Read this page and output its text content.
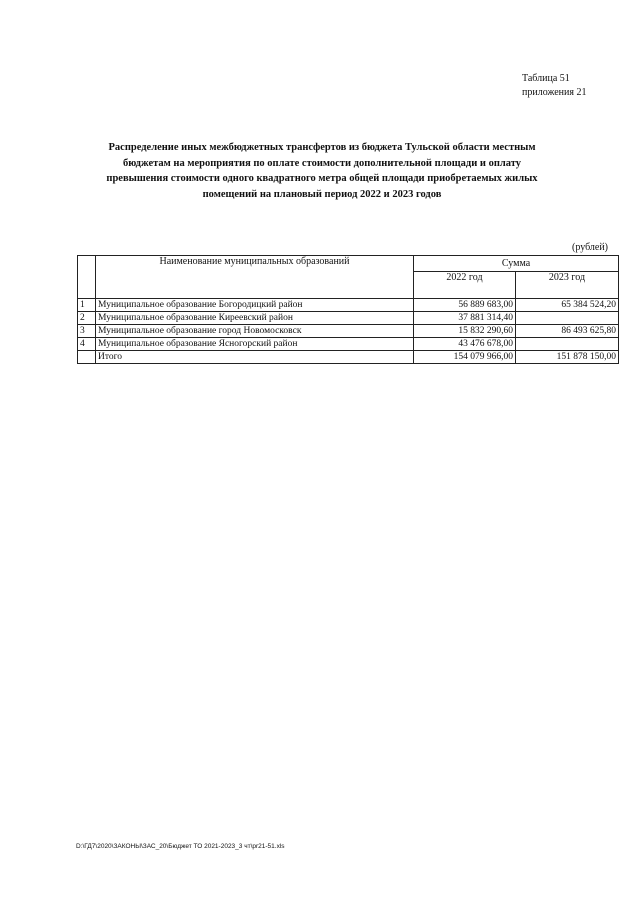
Таблица 51
приложения 21
Распределение иных межбюджетных трансфертов из бюджета Тульской области местным
бюджетам на мероприятия по оплате стоимости дополнительной площади и оплату
превышения стоимости одного квадратного метра общей площади приобретаемых жилых
помещений на плановый период 2022 и 2023 годов
(рублей)
	Наименование муниципальных образований	Сумма	
		2022 год	2023 год
1	Муниципальное образование Богородицкий район	56 889 683,00	65 384 524,20
2	Муниципальное образование Киреевский район	37 881 314,40	
3	Муниципальное образование город Новомосковск	15 832 290,60	86 493 625,80
4	Муниципальное образование Ясногорский район	43 476 678,00	
	Итого	154 079 966,00	151 878 150,00
D:\ГД7\2020\ЗАКОНЫ\ЗАС_20\Бюджет ТО 2021-2023_3 чт\pr21-51.xls
